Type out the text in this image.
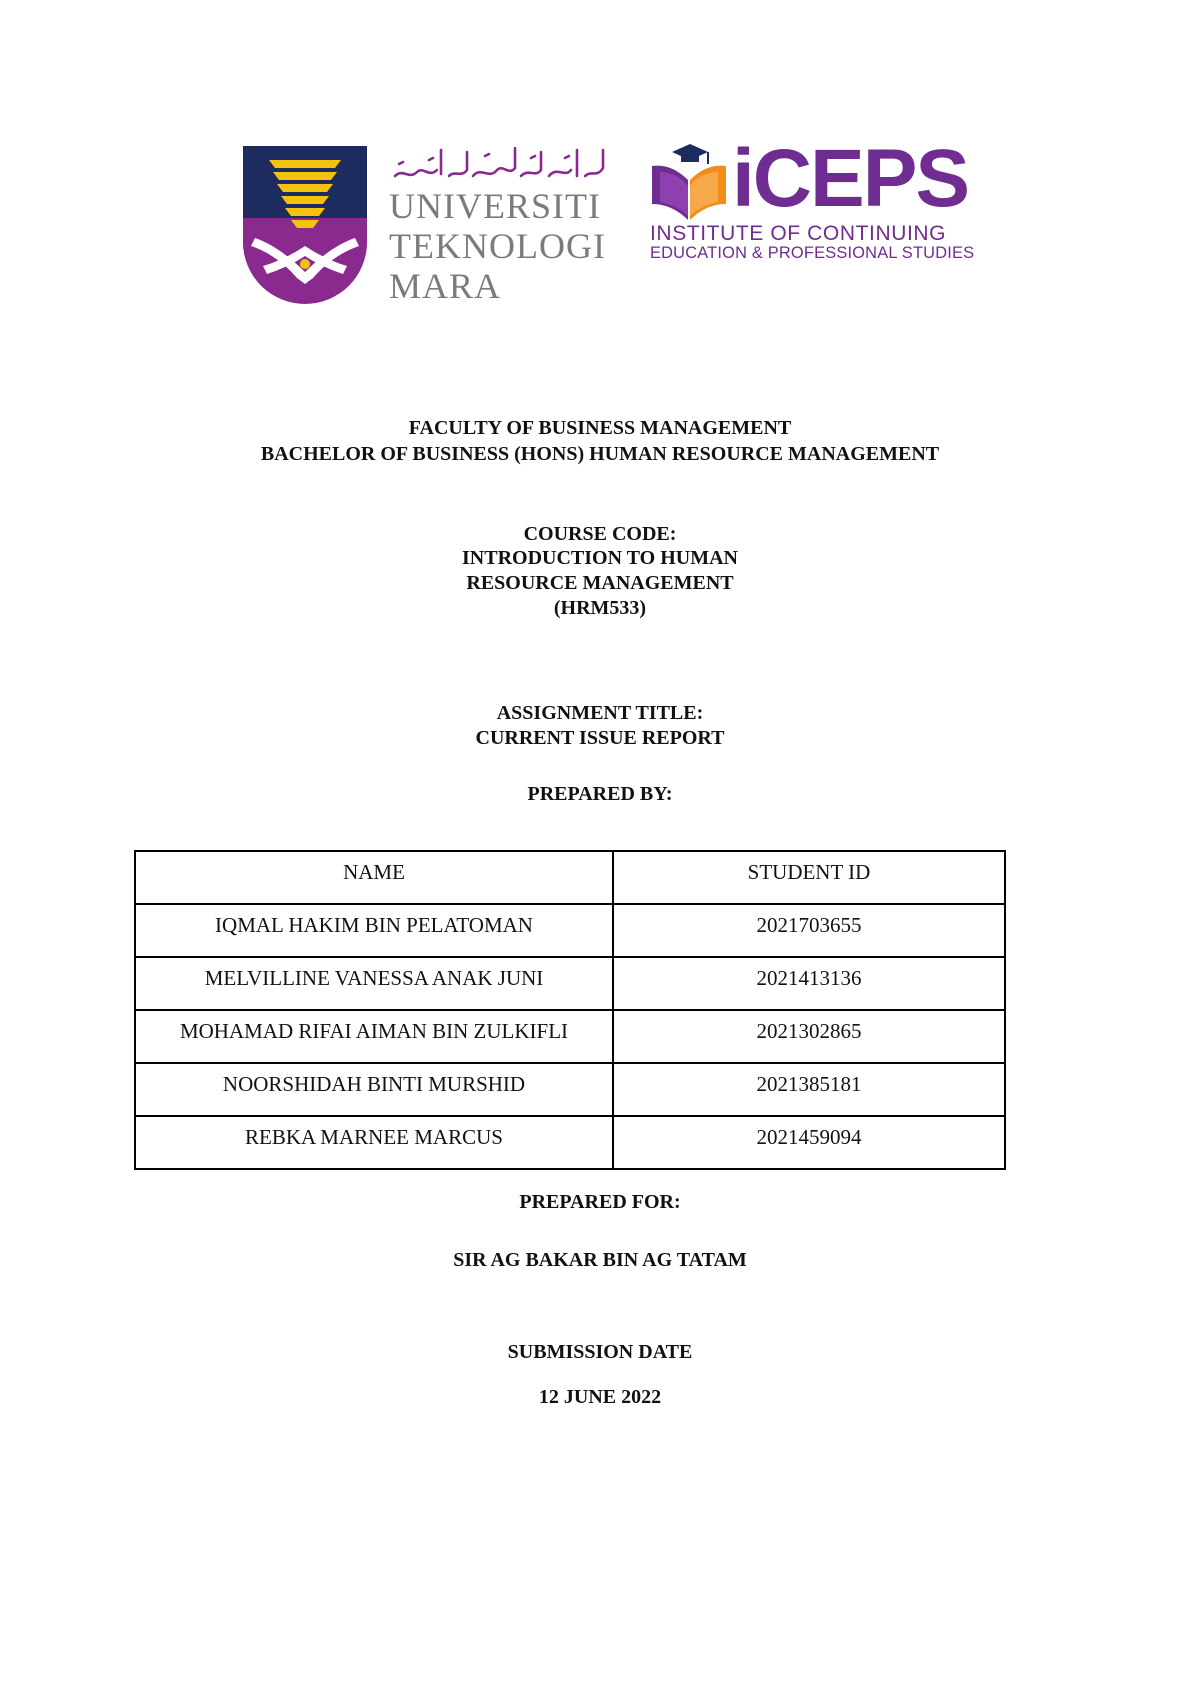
UNIVERSITI
TEKNOLOGI
MARA
iCEPS
INSTITUTE OF CONTINUING
EDUCATION & PROFESSIONAL STUDIES
FACULTY OF BUSINESS MANAGEMENT
BACHELOR OF BUSINESS (HONS) HUMAN RESOURCE MANAGEMENT
COURSE CODE:
INTRODUCTION TO HUMAN
RESOURCE MANAGEMENT
(HRM533)
ASSIGNMENT TITLE:
CURRENT ISSUE REPORT
PREPARED BY:
NAME	STUDENT ID
IQMAL HAKIM BIN PELATOMAN	2021703655
MELVILLINE VANESSA ANAK JUNI	2021413136
MOHAMAD RIFAI AIMAN BIN ZULKIFLI	2021302865
NOORSHIDAH BINTI MURSHID	2021385181
REBKA MARNEE MARCUS	2021459094
PREPARED FOR:
SIR AG BAKAR BIN AG TATAM
SUBMISSION DATE
12 JUNE 2022
